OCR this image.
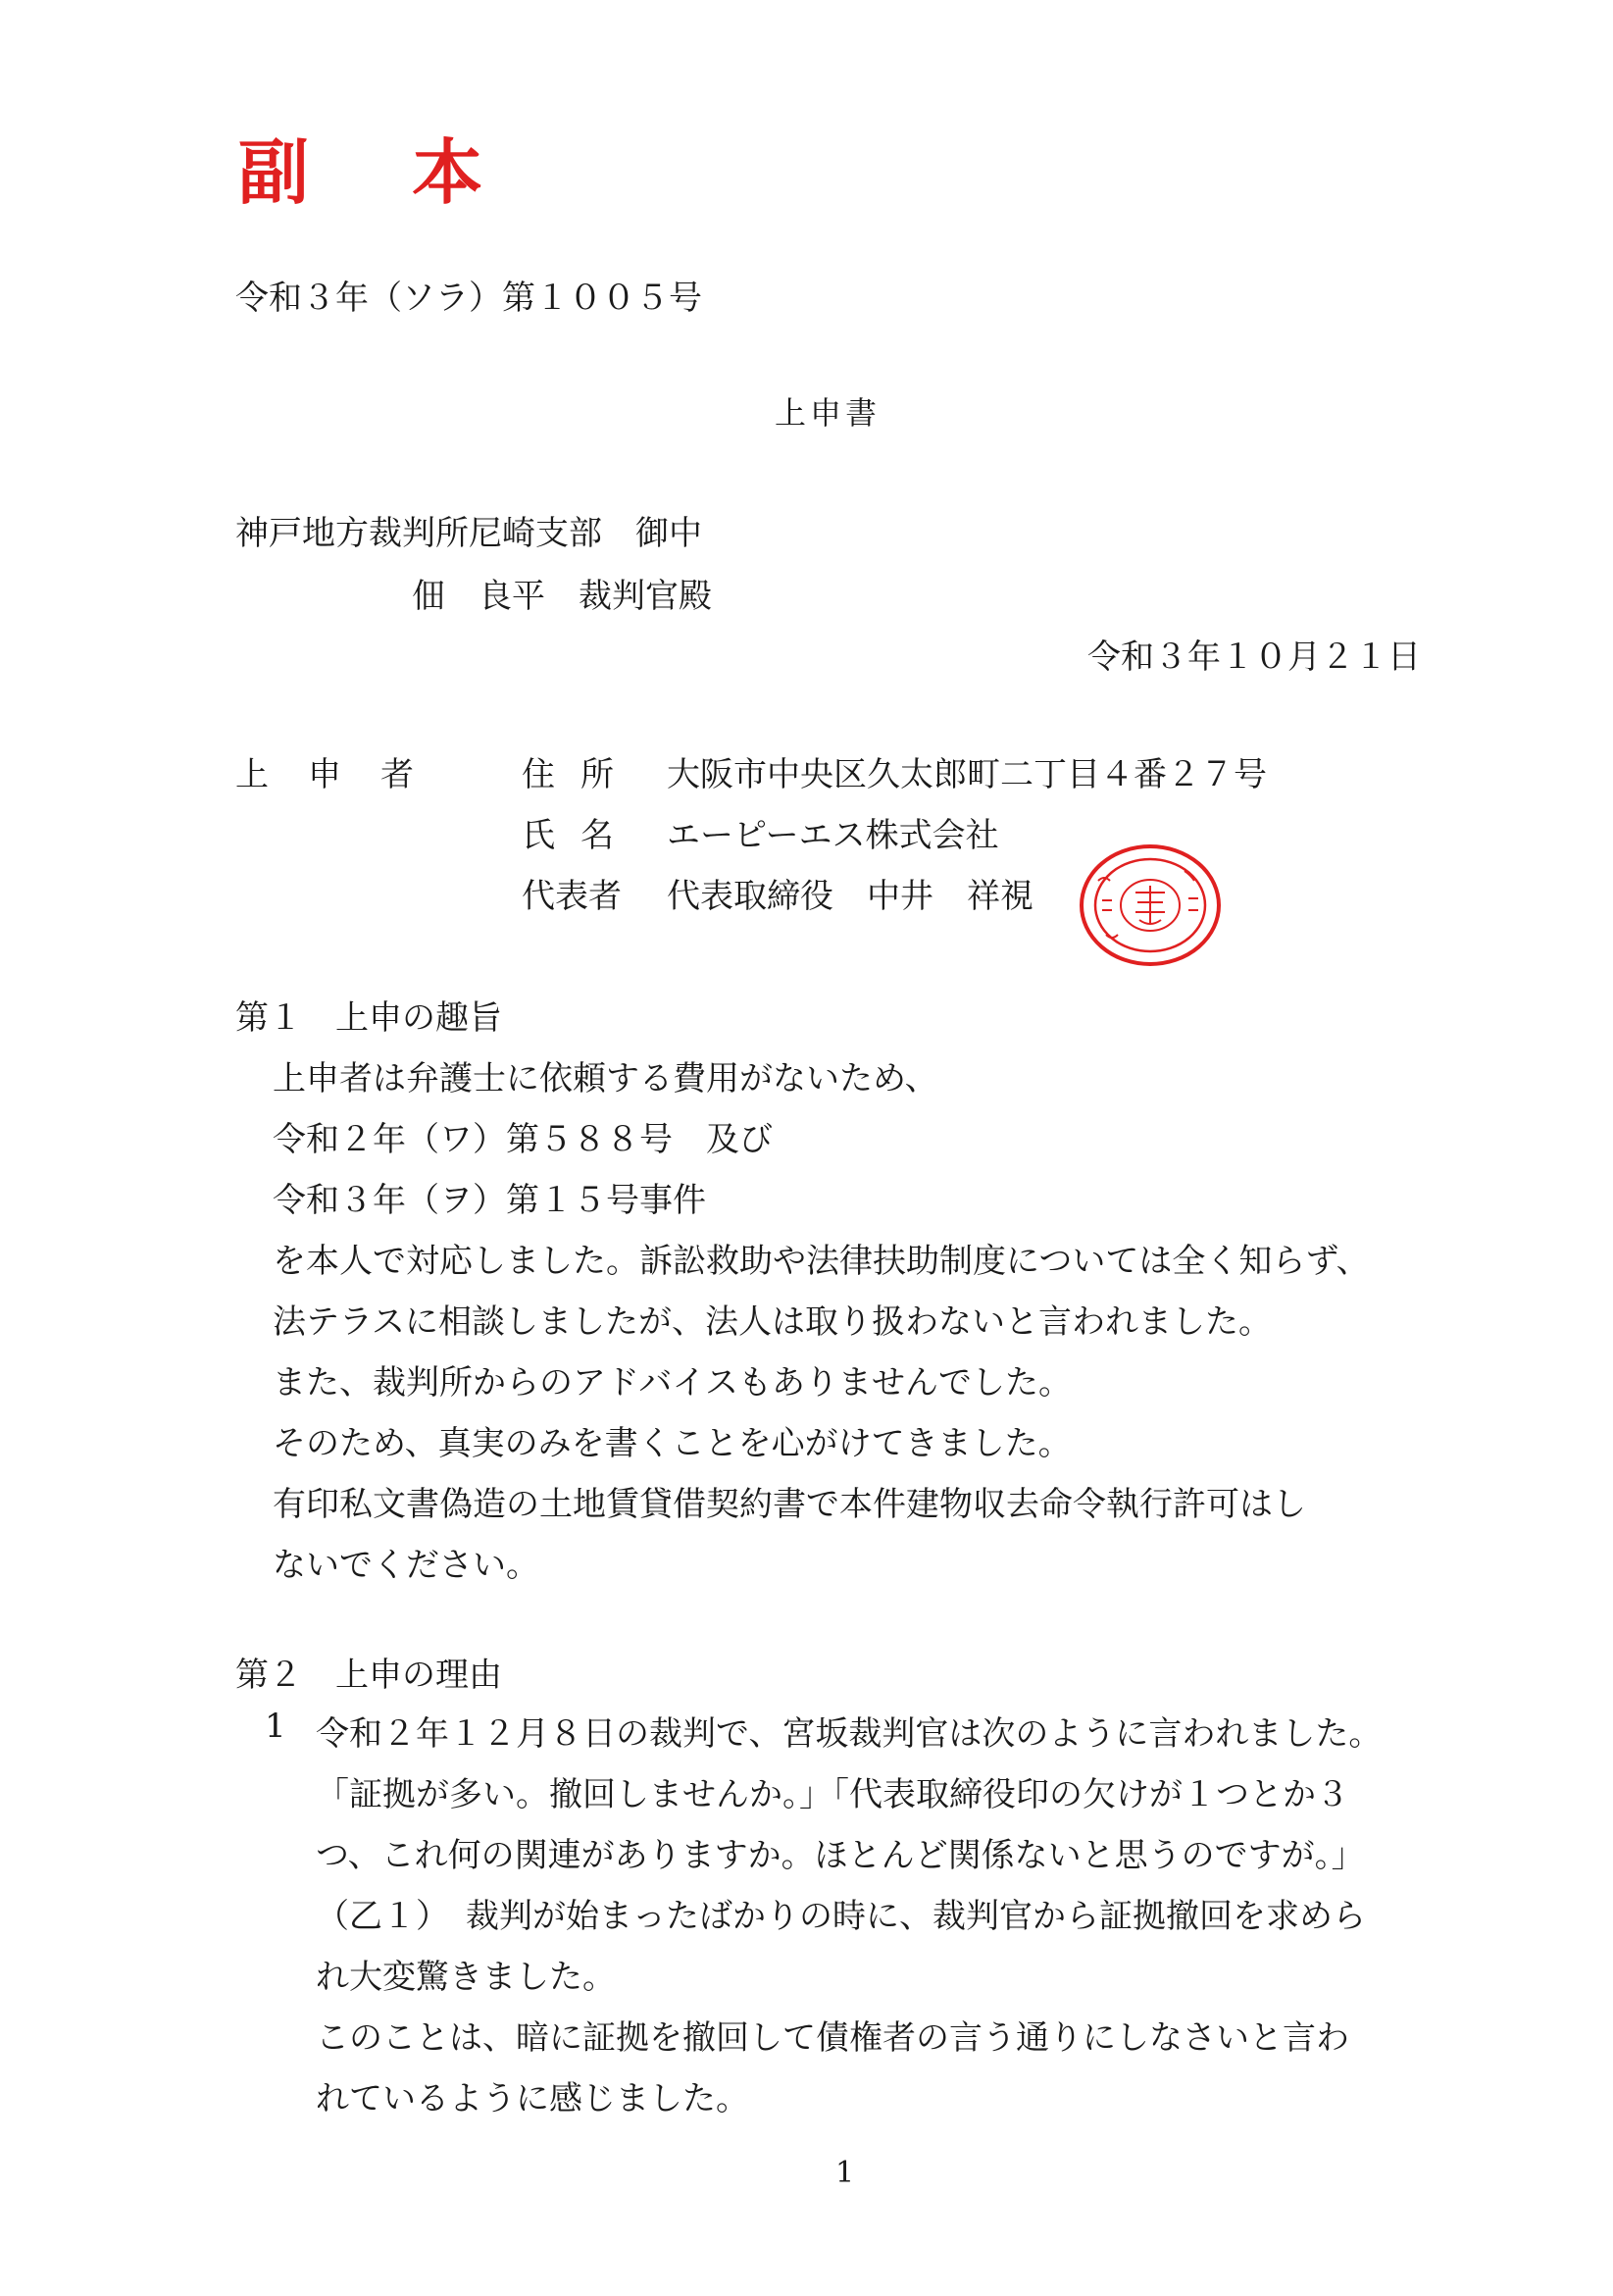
副 本
令和３年（ソラ）第１００５号
上申書
神戸地方裁判所尼崎支部　御中
佃　良平　裁判官殿
令和３年１０月２１日
上申者 住所 大阪市中央区久太郎町二丁目４番２７号
氏名 エーピーエス株式会社
代表者 代表取締役　中井　祥視
第１　上申の趣旨
上申者は弁護士に依頼する費用がないため、
令和２年（ワ）第５８８号　及び
令和３年（ヲ）第１５号事件
を本人で対応しました。訴訟救助や法律扶助制度については全く知らず、
法テラスに相談しましたが、法人は取り扱わないと言われました。
また、裁判所からのアドバイスもありませんでした。
そのため、真実のみを書くことを心がけてきました。
有印私文書偽造の土地賃貸借契約書で本件建物収去命令執行許可はし
ないでください。
第２　上申の理由
1 令和２年１２月８日の裁判で、宮坂裁判官は次のように言われました。
「証拠が多い。撤回しませんか。」「代表取締役印の欠けが１つとか３
つ、これ何の関連がありますか。ほとんど関係ないと思うのですが。」
（乙１）　裁判が始まったばかりの時に、裁判官から証拠撤回を求めら
れ大変驚きました。
このことは、暗に証拠を撤回して債権者の言う通りにしなさいと言わ
れているように感じました。
1
